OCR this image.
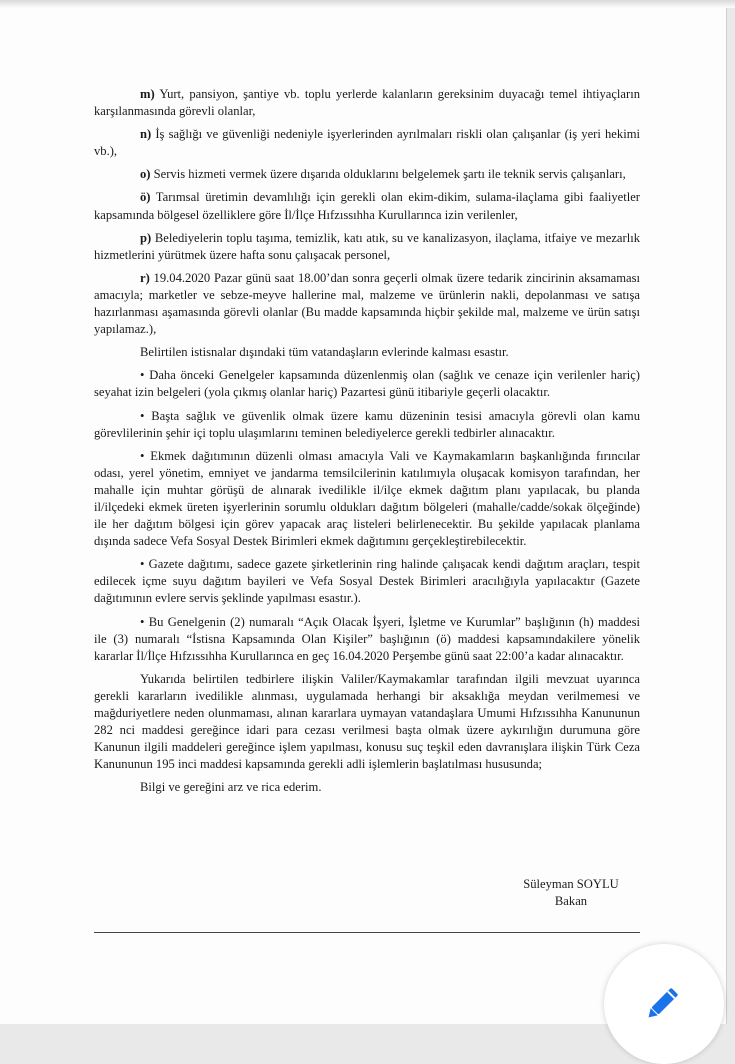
m) Yurt, pansiyon, şantiye vb. toplu yerlerde kalanların gereksinim duyacağı temel ihtiyaçların karşılanmasında görevli olanlar,

n) İş sağlığı ve güvenliği nedeniyle işyerlerinden ayrılmaları riskli olan çalışanlar (iş yeri hekimi vb.),

o) Servis hizmeti vermek üzere dışarıda olduklarını belgelemek şartı ile teknik servis çalışanları,

ö) Tarımsal üretimin devamlılığı için gerekli olan ekim-dikim, sulama-ilaçlama gibi faaliyetler kapsamında bölgesel özelliklere göre İl/İlçe Hıfzıssıhha Kurullarınca izin verilenler,

p) Belediyelerin toplu taşıma, temizlik, katı atık, su ve kanalizasyon, ilaçlama, itfaiye ve mezarlık hizmetlerini yürütmek üzere hafta sonu çalışacak personel,

r) 19.04.2020 Pazar günü saat 18.00’dan sonra geçerli olmak üzere tedarik zincirinin aksamaması amacıyla; marketler ve sebze-meyve hallerine mal, malzeme ve ürünlerin nakli, depolanması ve satışa hazırlanması aşamasında görevli olanlar (Bu madde kapsamında hiçbir şekilde mal, malzeme ve ürün satışı yapılamaz.),

Belirtilen istisnalar dışındaki tüm vatandaşların evlerinde kalması esastır.

• Daha önceki Genelgeler kapsamında düzenlenmiş olan (sağlık ve cenaze için verilenler hariç) seyahat izin belgeleri (yola çıkmış olanlar hariç) Pazartesi günü itibariyle geçerli olacaktır.

• Başta sağlık ve güvenlik olmak üzere kamu düzeninin tesisi amacıyla görevli olan kamu görevlilerinin şehir içi toplu ulaşımlarını teminen belediyelerce gerekli tedbirler alınacaktır.

• Ekmek dağıtımının düzenli olması amacıyla Vali ve Kaymakamların başkanlığında fırıncılar odası, yerel yönetim, emniyet ve jandarma temsilcilerinin katılımıyla oluşacak komisyon tarafından, her mahalle için muhtar görüşü de alınarak ivedilikle il/ilçe ekmek dağıtım planı yapılacak, bu planda il/ilçedeki ekmek üreten işyerlerinin sorumlu oldukları dağıtım bölgeleri (mahalle/cadde/sokak ölçeğinde) ile her dağıtım bölgesi için görev yapacak araç listeleri belirlenecektir. Bu şekilde yapılacak planlama dışında sadece Vefa Sosyal Destek Birimleri ekmek dağıtımını gerçekleştirebilecektir.

• Gazete dağıtımı, sadece gazete şirketlerinin ring halinde çalışacak kendi dağıtım araçları, tespit edilecek içme suyu dağıtım bayileri ve Vefa Sosyal Destek Birimleri aracılığıyla yapılacaktır (Gazete dağıtımının evlere servis şeklinde yapılması esastır.).

• Bu Genelgenin (2) numaralı “Açık Olacak İşyeri, İşletme ve Kurumlar” başlığının (h) maddesi ile (3) numaralı “İstisna Kapsamında Olan Kişiler” başlığının (ö) maddesi kapsamındakilere yönelik kararlar İl/İlçe Hıfzıssıhha Kurullarınca en geç 16.04.2020 Perşembe günü saat 22:00’a kadar alınacaktır.

Yukarıda belirtilen tedbirlere ilişkin Valiler/Kaymakamlar tarafından ilgili mevzuat uyarınca gerekli kararların ivedilikle alınması, uygulamada herhangi bir aksaklığa meydan verilmemesi ve mağduriyetlere neden olunmaması, alınan kararlara uymayan vatandaşlara Umumi Hıfzıssıhha Kanununun 282 nci maddesi gereğince idari para cezası verilmesi başta olmak üzere aykırılığın durumuna göre Kanunun ilgili maddeleri gereğince işlem yapılması, konusu suç teşkil eden davranışlara ilişkin Türk Ceza Kanununun 195 inci maddesi kapsamında gerekli adli işlemlerin başlatılması hususunda;

Bilgi ve gereğini arz ve rica ederim.

Süleyman SOYLU
Bakan
